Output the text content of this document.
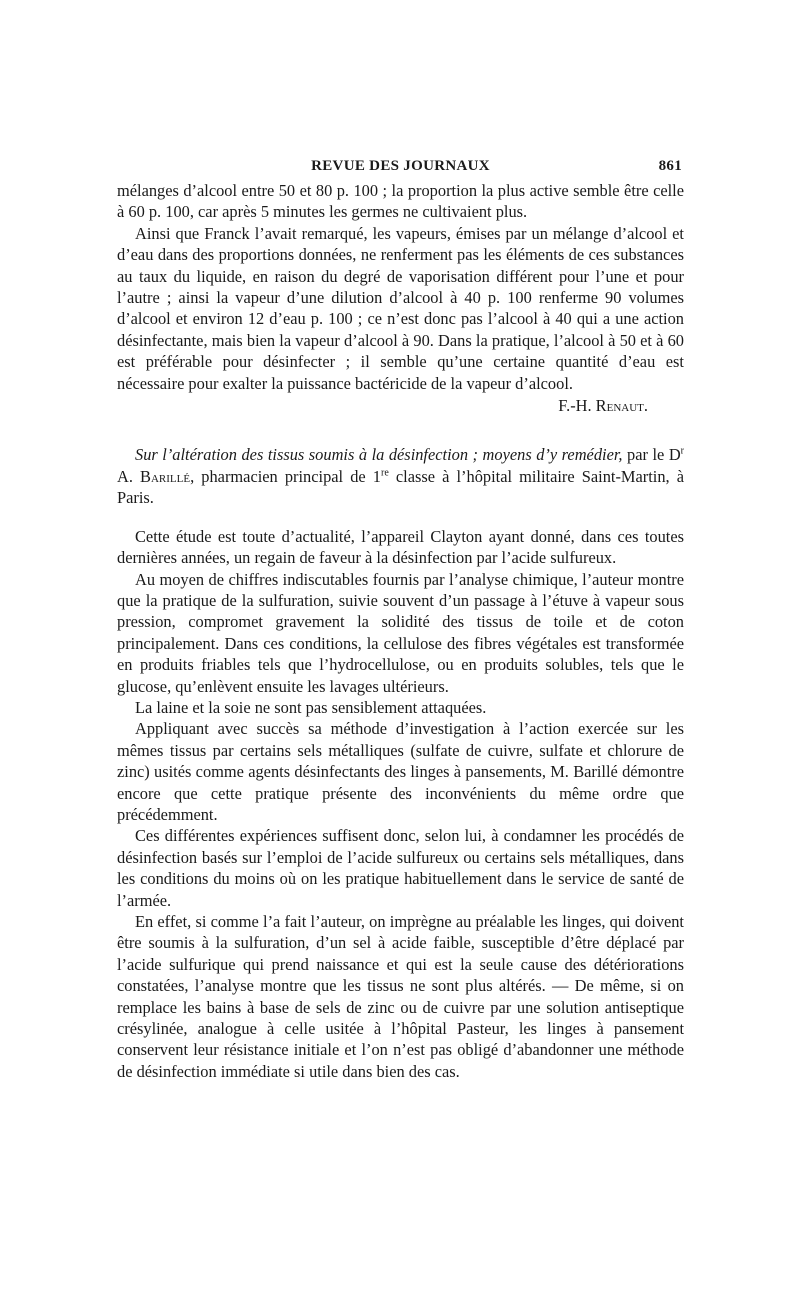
REVUE DES JOURNAUX	861

mélanges d’alcool entre 50 et 80 p. 100 ; la proportion la plus active semble être celle à 60 p. 100, car après 5 minutes les germes ne cultivaient plus.

Ainsi que Franck l’avait remarqué, les vapeurs, émises par un mélange d’alcool et d’eau dans des proportions données, ne renferment pas les éléments de ces substances au taux du liquide, en raison du degré de vaporisation différent pour l’une et pour l’autre ; ainsi la vapeur d’une dilution d’alcool à 40 p. 100 renferme 90 volumes d’alcool et environ 12 d’eau p. 100 ; ce n’est donc pas l’alcool à 40 qui a une action désinfectante, mais bien la vapeur d’alcool à 90. Dans la pratique, l’alcool à 50 et à 60 est préférable pour désinfecter ; il semble qu’une certaine quantité d’eau est nécessaire pour exalter la puissance bactéricide de la vapeur d’alcool.

F.-H. Renaut.

Sur l’altération des tissus soumis à la désinfection ; moyens d’y remédier, par le $D^r$ A. Barillé, pharmacien principal de 1re classe à l’hôpital militaire Saint-Martin, à Paris.

Cette étude est toute d’actualité, l’appareil Clayton ayant donné, dans ces toutes dernières années, un regain de faveur à la désinfection par l’acide sulfureux.

Au moyen de chiffres indiscutables fournis par l’analyse chimique, l’auteur montre que la pratique de la sulfuration, suivie souvent d’un passage à l’étuve à vapeur sous pression, compromet gravement la solidité des tissus de toile et de coton principalement. Dans ces conditions, la cellulose des fibres végétales est transformée en produits friables tels que l’hydrocellulose, ou en produits solubles, tels que le glucose, qu’enlèvent ensuite les lavages ultérieurs.

La laine et la soie ne sont pas sensiblement attaquées.

Appliquant avec succès sa méthode d’investigation à l’action exercée sur les mêmes tissus par certains sels métalliques (sulfate de cuivre, sulfate et chlorure de zinc) usités comme agents désinfectants des linges à pansements, M. Barillé démontre encore que cette pratique présente des inconvénients du même ordre que précédemment.

Ces différentes expériences suffisent donc, selon lui, à condamner les procédés de désinfection basés sur l’emploi de l’acide sulfureux ou certains sels métalliques, dans les conditions du moins où on les pratique habituellement dans le service de santé de l’armée.

En effet, si comme l’a fait l’auteur, on imprègne au préalable les linges, qui doivent être soumis à la sulfuration, d’un sel à acide faible, susceptible d’être déplacé par l’acide sulfurique qui prend naissance et qui est la seule cause des détériorations constatées, l’analyse montre que les tissus ne sont plus altérés. — De même, si on remplace les bains à base de sels de zinc ou de cuivre par une solution antiseptique crésylinée, analogue à celle usitée à l’hôpital Pasteur, les linges à pansement conservent leur résistance initiale et l’on n’est pas obligé d’abandonner une méthode de désinfection immédiate si utile dans bien des cas.
